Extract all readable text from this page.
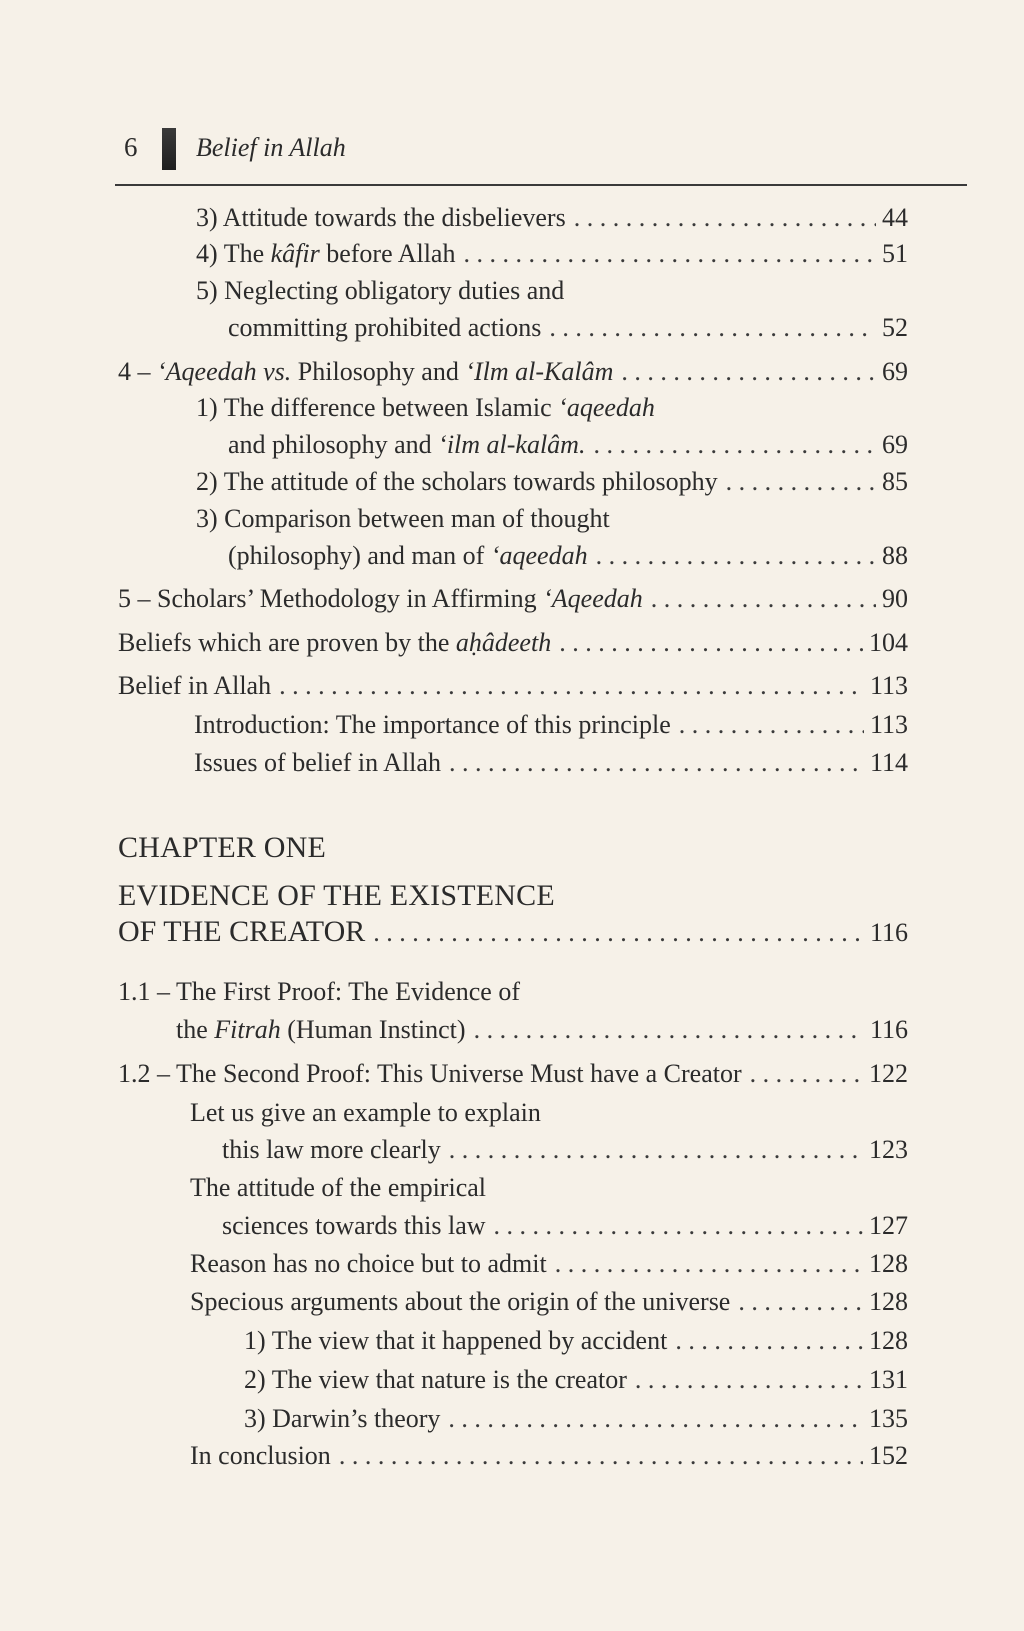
6 Belief in Allah
3) Attitude towards the disbelievers . . .	44
4) The kâfir before Allah . . .	51
5) Neglecting obligatory duties and
committing prohibited actions . . .	52
4 – ‘Aqeedah vs. Philosophy and ‘Ilm al-Kalâm . . .	69
1) The difference between Islamic ‘aqeedah
and philosophy and ‘ilm al-kalâm. . . .	69
2) The attitude of the scholars towards philosophy . . .	85
3) Comparison between man of thought
(philosophy) and man of ‘aqeedah . . .	88
5 – Scholars’ Methodology in Affirming ‘Aqeedah . . .	90
Beliefs which are proven by the aḥâdeeth . . .	104
Belief in Allah . . .	113
Introduction: The importance of this principle . . .	113
Issues of belief in Allah . . .	114
CHAPTER ONE
EVIDENCE OF THE EXISTENCE
OF THE CREATOR . . .	116
1.1 – The First Proof: The Evidence of
the Fitrah (Human Instinct) . . .	116
1.2 – The Second Proof: This Universe Must have a Creator . . .	122
Let us give an example to explain
this law more clearly . . .	123
The attitude of the empirical
sciences towards this law . . .	127
Reason has no choice but to admit . . .	128
Specious arguments about the origin of the universe . . .	128
1) The view that it happened by accident . . .	128
2) The view that nature is the creator . . .	131
3) Darwin’s theory . . .	135
In conclusion . . .	152
